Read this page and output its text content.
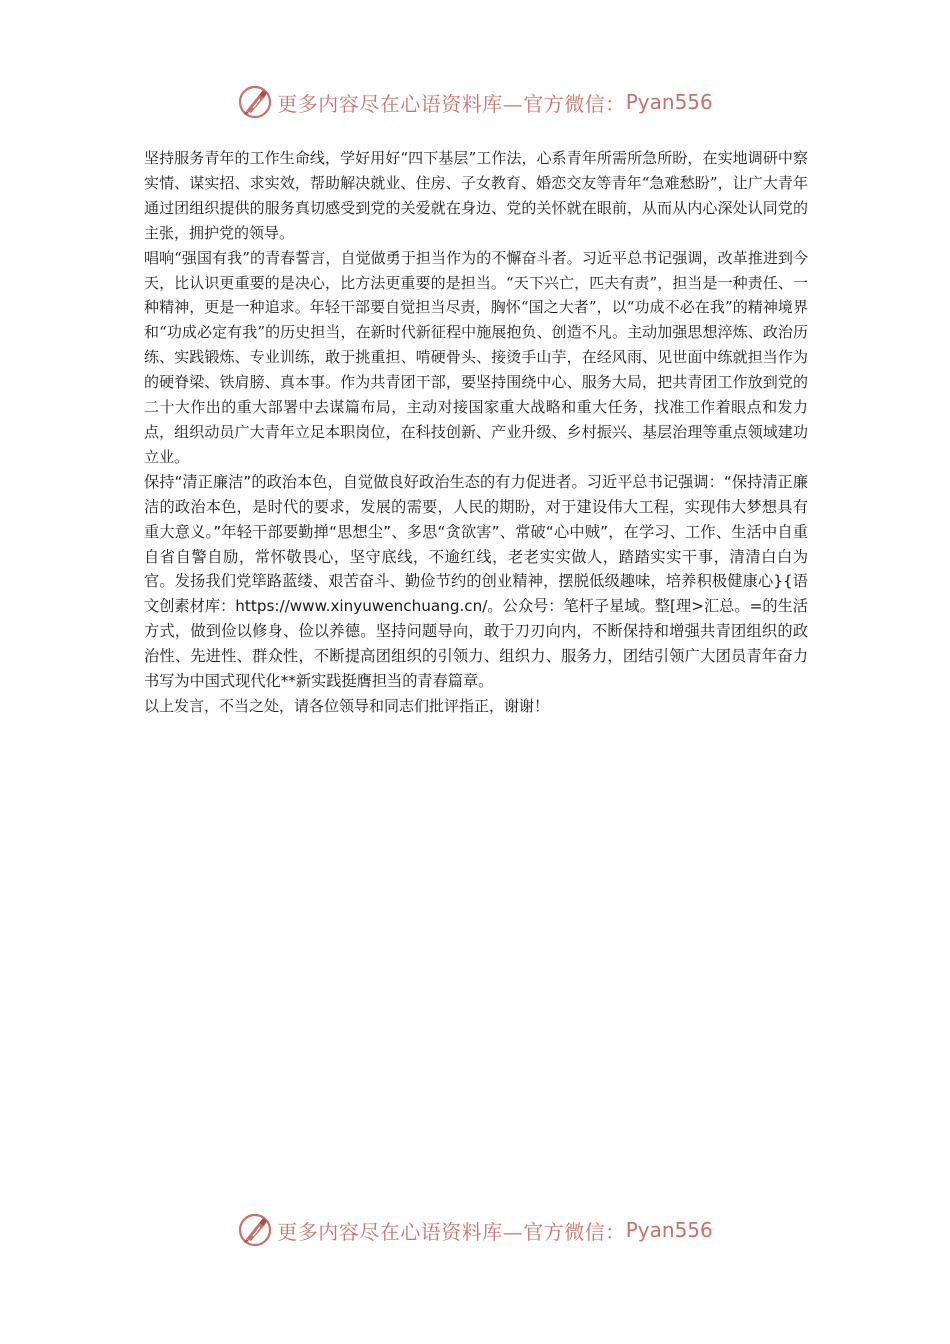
更多内容尽在心语资料库—官方微信： Pyan556

坚持服务青年的工作生命线，学好用好“四下基层”工作法，心系青年所需所急所盼，在实地调研中察实情、谋实招、求实效，帮助解决就业、住房、子女教育、婚恋交友等青年“急难愁盼”，让广大青年通过团组织提供的服务真切感受到党的关爱就在身边、党的关怀就在眼前，从而从内心深处认同党的主张，拥护党的领导。

唱响“强国有我”的青春誓言，自觉做勇于担当作为的不懈奋斗者。习近平总书记强调，改革推进到今天，比认识更重要的是决心，比方法更重要的是担当。“天下兴亡，匹夫有责”，担当是一种责任、一种精神，更是一种追求。年轻干部要自觉担当尽责，胸怀“国之大者”，以“功成不必在我”的精神境界和“功成必定有我”的历史担当，在新时代新征程中施展抱负、创造不凡。主动加强思想淬炼、政治历练、实践锻炼、专业训练，敢于挑重担、啃硬骨头、接烫手山芋，在经风雨、见世面中练就担当作为的硬脊梁、铁肩膀、真本事。作为共青团干部，要坚持围绕中心、服务大局，把共青团工作放到党的二十大作出的重大部署中去谋篇布局，主动对接国家重大战略和重大任务，找准工作着眼点和发力点，组织动员广大青年立足本职岗位，在科技创新、产业升级、乡村振兴、基层治理等重点领域建功立业。

保持“清正廉洁”的政治本色，自觉做良好政治生态的有力促进者。习近平总书记强调：“保持清正廉洁的政治本色，是时代的要求，发展的需要，人民的期盼，对于建设伟大工程，实现伟大梦想具有重大意义。”年轻干部要勤掸“思想尘”、多思“贪欲害”、常破“心中贼”，在学习、工作、生活中自重自省自警自励，常怀敬畏心，坚守底线，不逾红线，老老实实做人，踏踏实实干事，清清白白为官。发扬我们党筚路蓝缕、艰苦奋斗、勤俭节约的创业精神，摆脱低级趣味，培养积极健康心}{语文创素材库：https://www.xinyuwenchuang.cn/。公众号：笔杆子星域。整[理>汇总。=的生活方式，做到俭以修身、俭以养德。坚持问题导向，敢于刀刃向内，不断保持和增强共青团组织的政治性、先进性、群众性，不断提高团组织的引领力、组织力、服务力，团结引领广大团员青年奋力书写为中国式现代化**新实践挺膺担当的青春篇章。

以上发言，不当之处，请各位领导和同志们批评指正，谢谢！

更多内容尽在心语资料库—官方微信： Pyan556
